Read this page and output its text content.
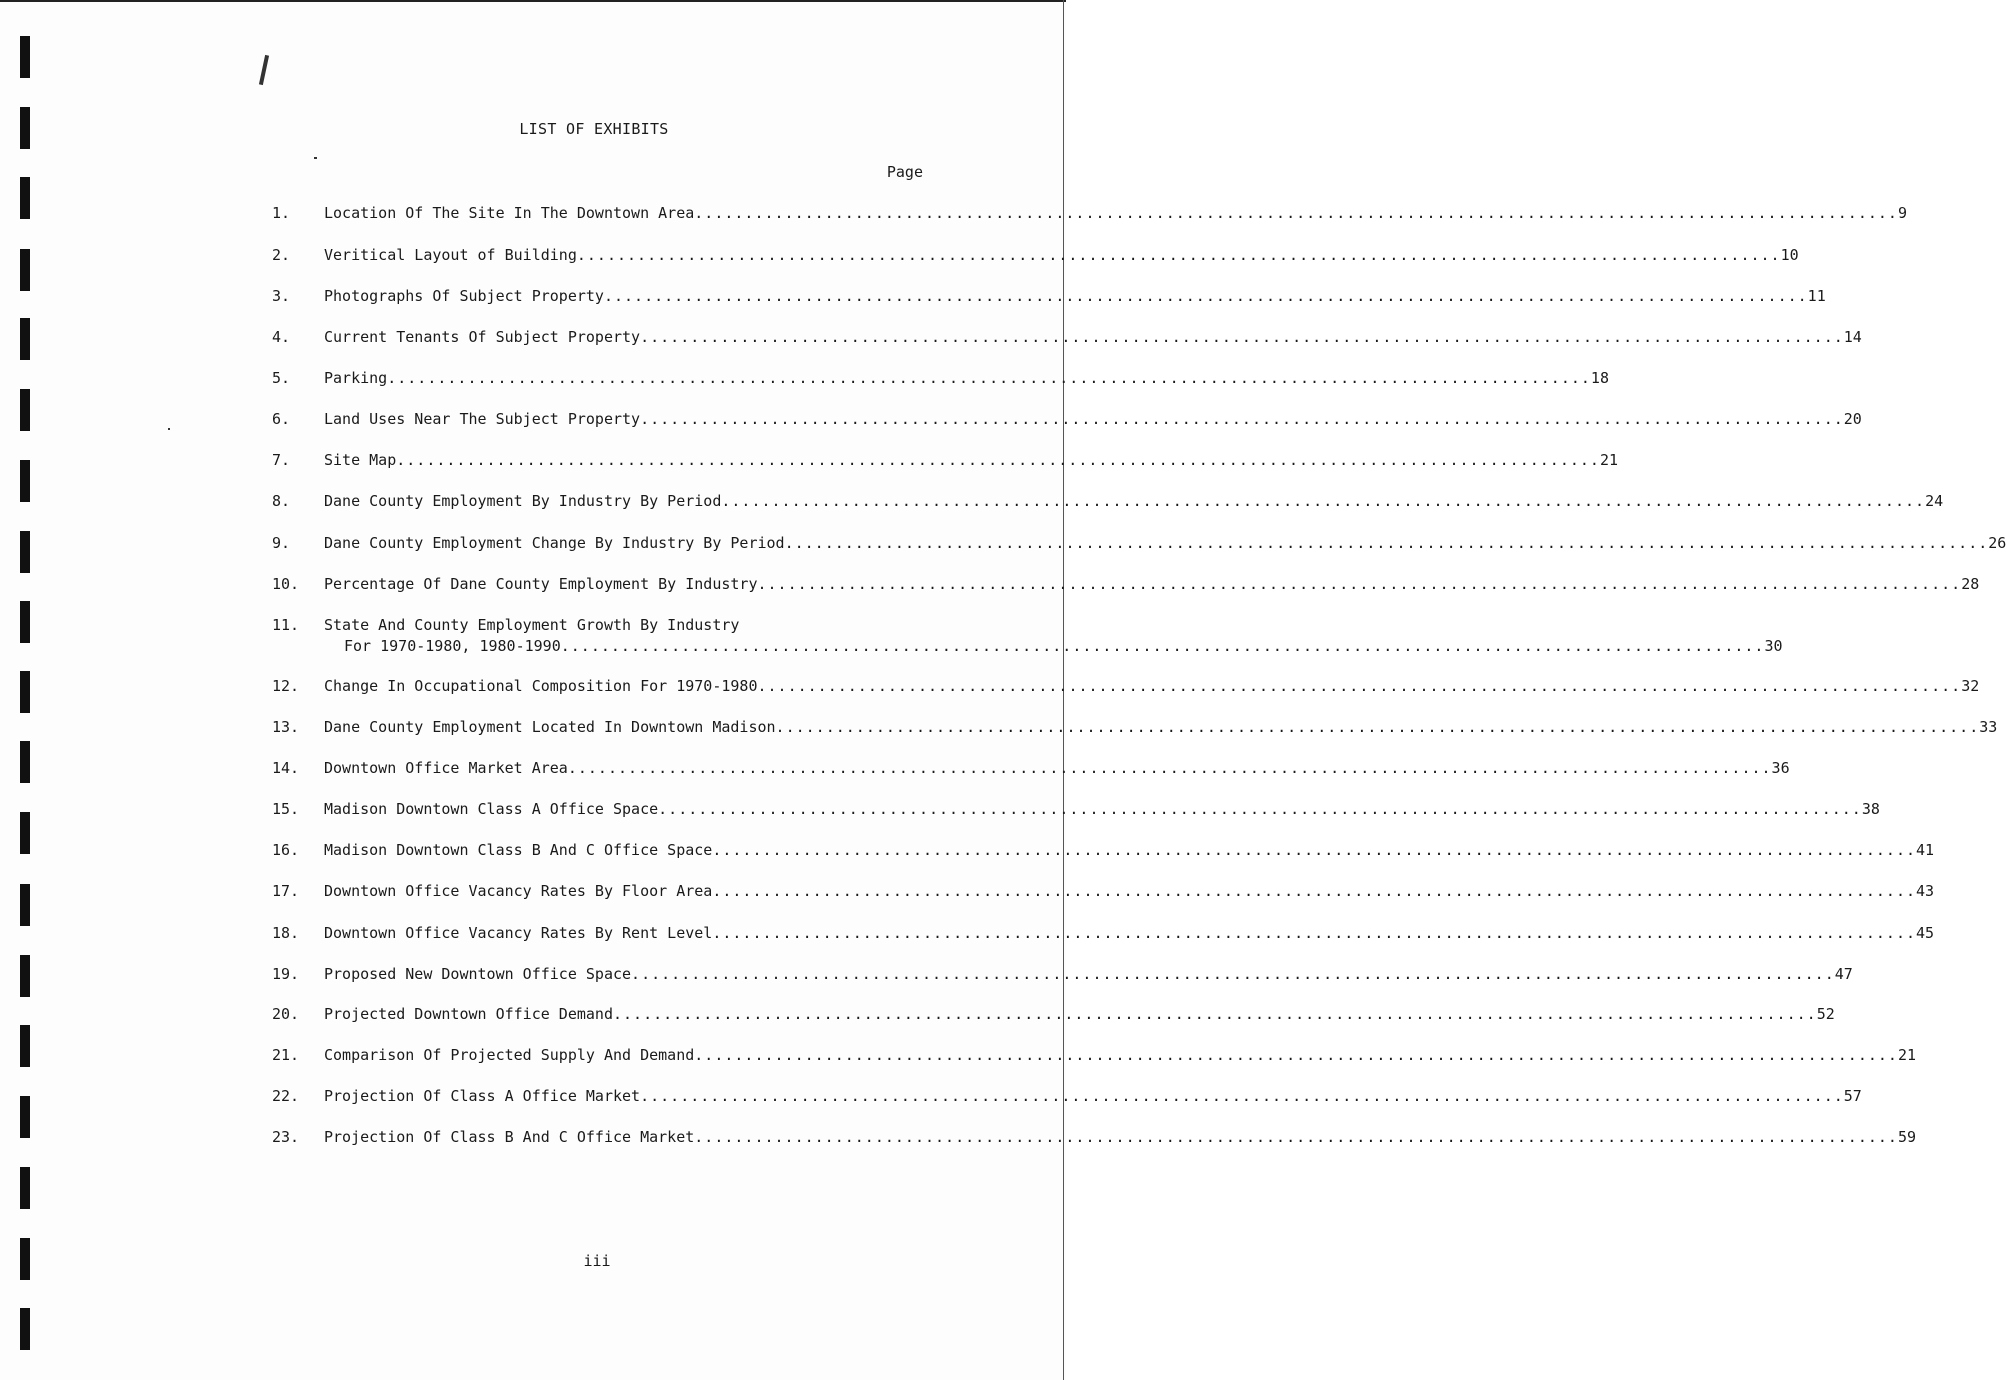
LIST OF EXHIBITS
Page
1. Location Of The Site In The Downtown Area ........................................................................................................................ 9
2. Veritical Layout of Building ........................................................................................................................ 10
3. Photographs Of Subject Property ........................................................................................................................ 11
4. Current Tenants Of Subject Property ........................................................................................................................ 14
5. Parking ........................................................................................................................ 18
6. Land Uses Near The Subject Property ........................................................................................................................ 20
7. Site Map ........................................................................................................................ 21
8. Dane County Employment By Industry By Period ........................................................................................................................ 24
9. Dane County Employment Change By Industry By Period ........................................................................................................................ 26
10. Percentage Of Dane County Employment By Industry ........................................................................................................................ 28
11. State And County Employment Growth By Industry
For 1970-1980, 1980-1990 ........................................................................................................................ 30
12. Change In Occupational Composition For 1970-1980 ........................................................................................................................ 32
13. Dane County Employment Located In Downtown Madison ........................................................................................................................ 33
14. Downtown Office Market Area ........................................................................................................................ 36
15. Madison Downtown Class A Office Space ........................................................................................................................ 38
16. Madison Downtown Class B And C Office Space ........................................................................................................................ 41
17. Downtown Office Vacancy Rates By Floor Area ........................................................................................................................ 43
18. Downtown Office Vacancy Rates By Rent Level ........................................................................................................................ 45
19. Proposed New Downtown Office Space ........................................................................................................................ 47
20. Projected Downtown Office Demand ........................................................................................................................ 52
21. Comparison Of Projected Supply And Demand ........................................................................................................................ 21
22. Projection Of Class A Office Market ........................................................................................................................ 57
23. Projection Of Class B And C Office Market ........................................................................................................................ 59
iii
